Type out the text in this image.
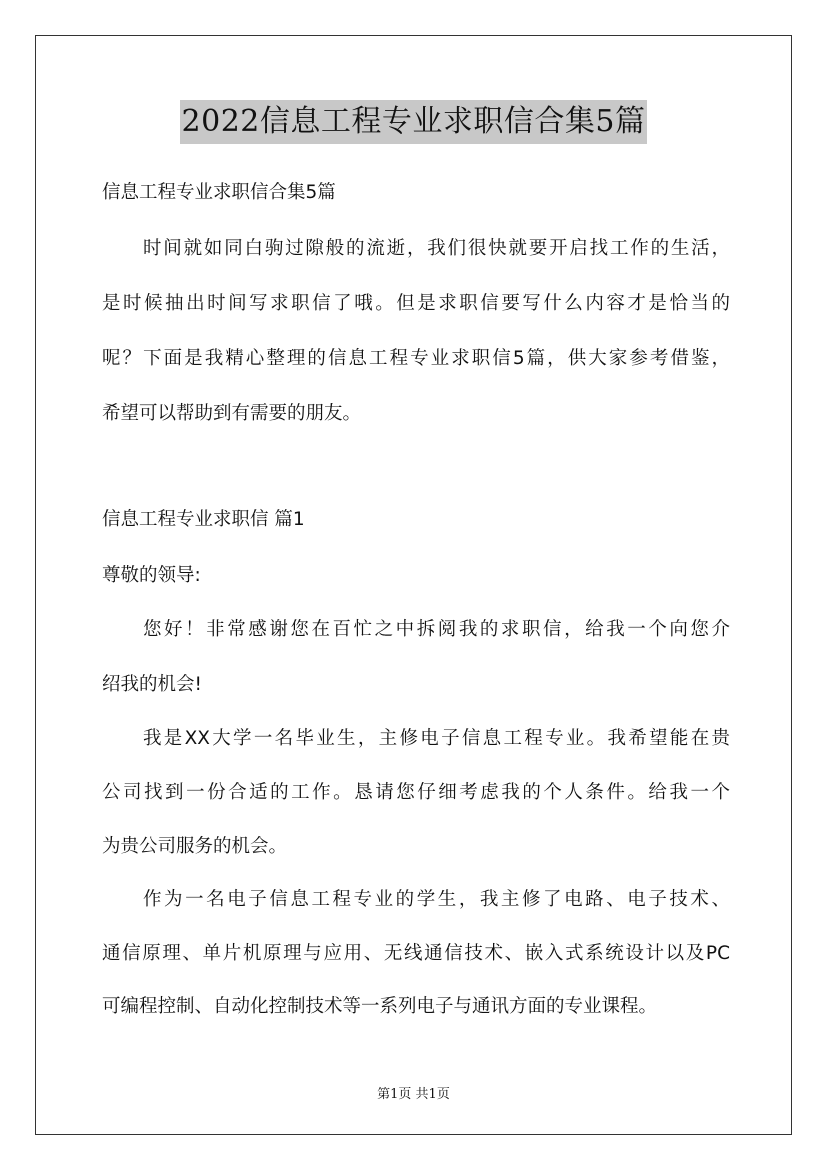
2022信息工程专业求职信合集5篇
信息工程专业求职信合集5篇
时间就如同白驹过隙般的流逝，我们很快就要开启找工作的生活，
是时候抽出时间写求职信了哦。但是求职信要写什么内容才是恰当的
呢？下面是我精心整理的信息工程专业求职信5篇，供大家参考借鉴，
希望可以帮助到有需要的朋友。
信息工程专业求职信 篇1
尊敬的领导:
您好！非常感谢您在百忙之中拆阅我的求职信，给我一个向您介
绍我的机会!
我是XX大学一名毕业生，主修电子信息工程专业。我希望能在贵
公司找到一份合适的工作。恳请您仔细考虑我的个人条件。给我一个
为贵公司服务的机会。
作为一名电子信息工程专业的学生，我主修了电路、电子技术、
通信原理、单片机原理与应用、无线通信技术、嵌入式系统设计以及PC
可编程控制、自动化控制技术等一系列电子与通讯方面的专业课程。
第1页 共1页
